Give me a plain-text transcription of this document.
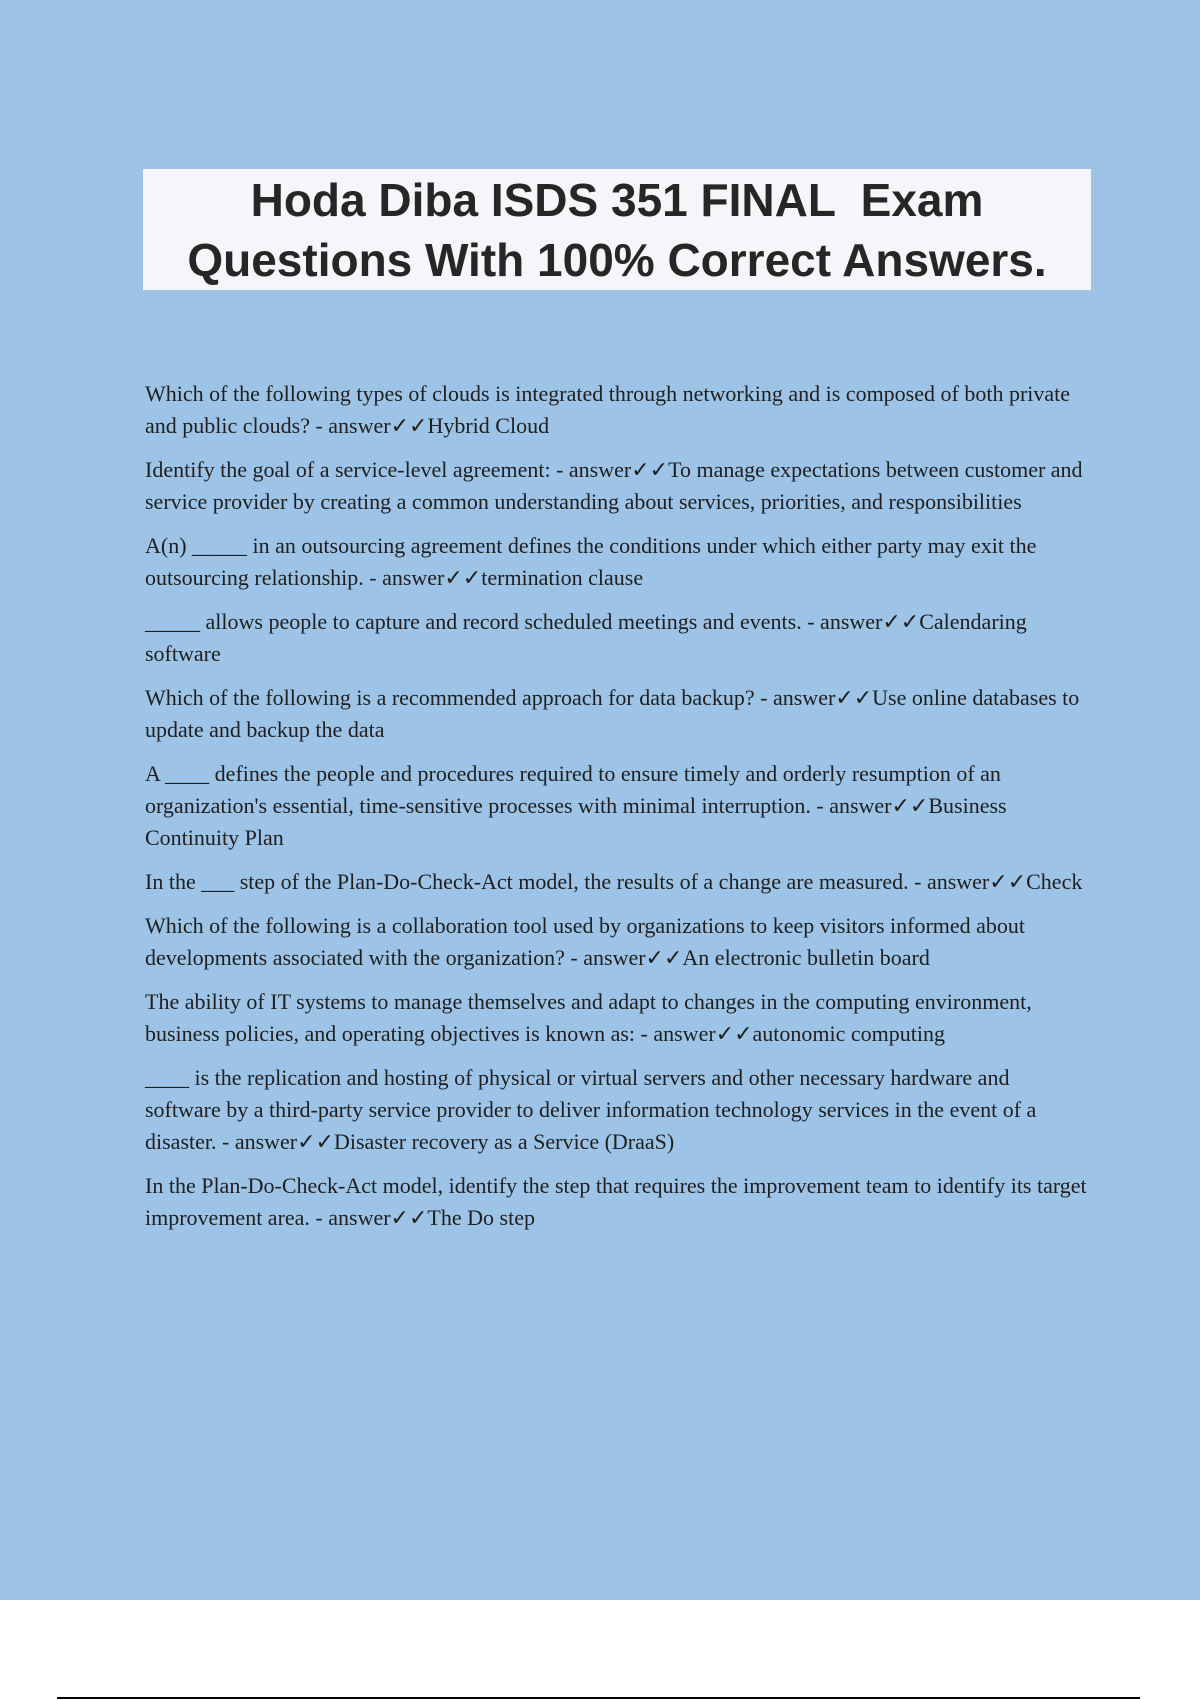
Hoda Diba ISDS 351 FINAL  Exam
Questions With 100% Correct Answers.

Which of the following types of clouds is integrated through networking and is composed of both private and public clouds? - answer✓✓Hybrid Cloud

Identify the goal of a service-level agreement: - answer✓✓To manage expectations between customer and service provider by creating a common understanding about services, priorities, and responsibilities

A(n) _____ in an outsourcing agreement defines the conditions under which either party may exit the outsourcing relationship. - answer✓✓termination clause

_____ allows people to capture and record scheduled meetings and events. - answer✓✓Calendaring software

Which of the following is a recommended approach for data backup? - answer✓✓Use online databases to update and backup the data

A ____ defines the people and procedures required to ensure timely and orderly resumption of an organization's essential, time-sensitive processes with minimal interruption. - answer✓✓Business Continuity Plan

In the ___ step of the Plan-Do-Check-Act model, the results of a change are measured. - answer✓✓Check

Which of the following is a collaboration tool used by organizations to keep visitors informed about developments associated with the organization? - answer✓✓An electronic bulletin board

The ability of IT systems to manage themselves and adapt to changes in the computing environment, business policies, and operating objectives is known as: - answer✓✓autonomic computing

____ is the replication and hosting of physical or virtual servers and other necessary hardware and software by a third-party service provider to deliver information technology services in the event of a disaster. - answer✓✓Disaster recovery as a Service (DraaS)

In the Plan-Do-Check-Act model, identify the step that requires the improvement team to identify its target improvement area. - answer✓✓The Do step
